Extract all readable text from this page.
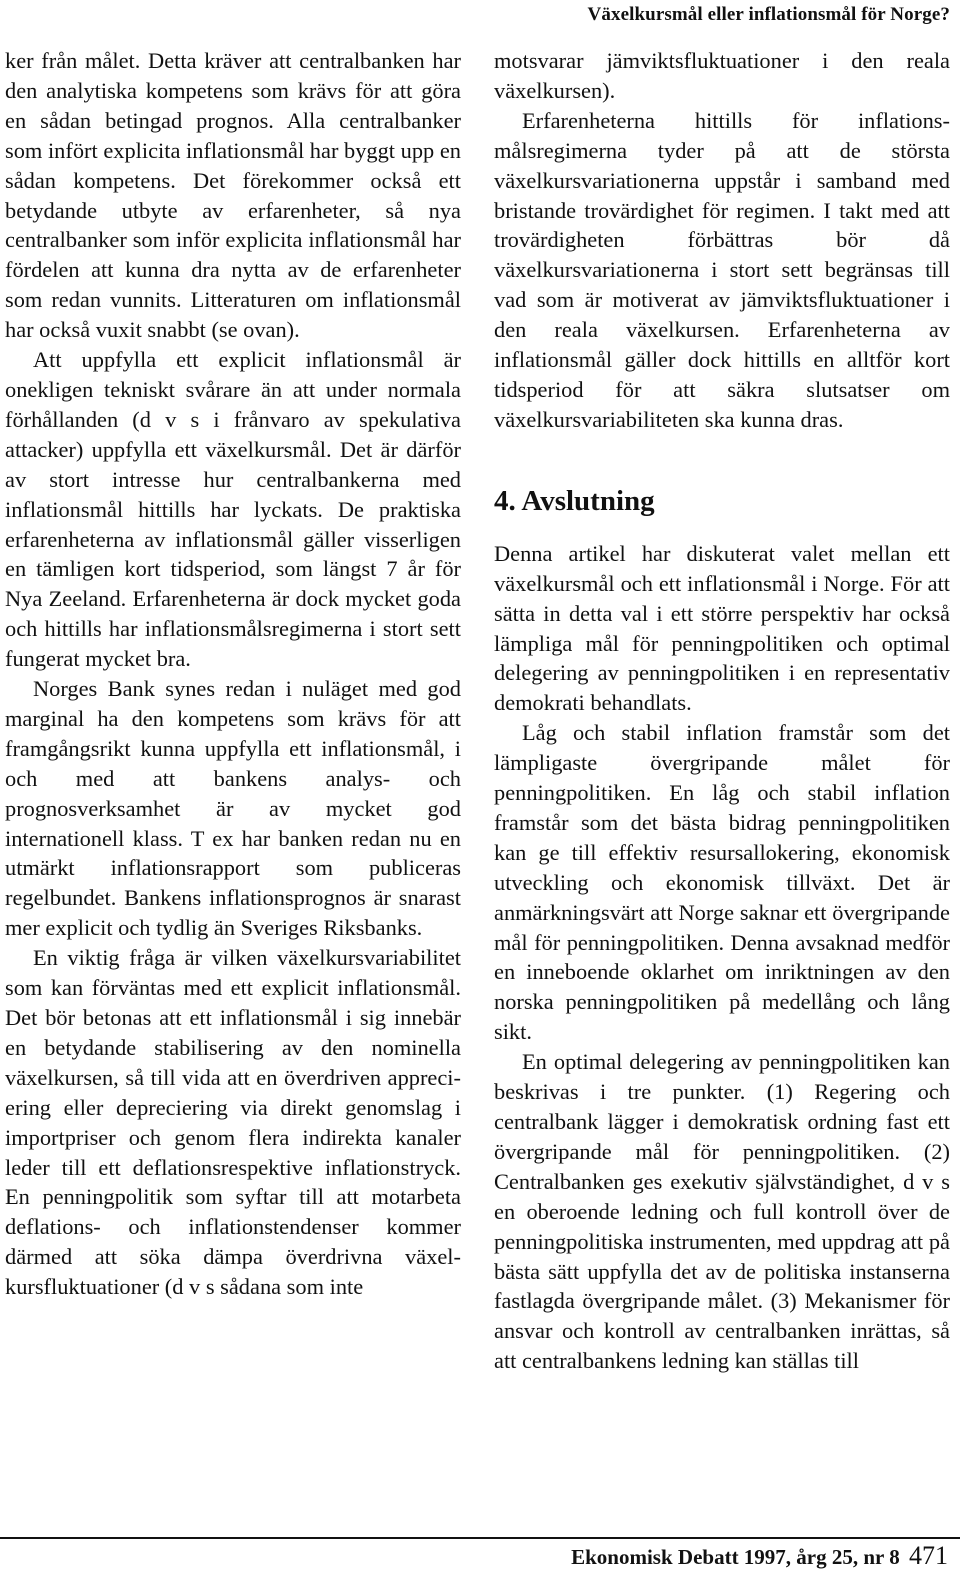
Växelkursmål eller inflationsmål för Norge?

ker från målet. Detta kräver att centralbanken har den analytiska kompetens som krävs för att göra en sådan betingad prognos. Alla centralbanker som infört explicita inflationsmål har byggt upp en sådan kompetens. Det förekommer också ett betydande utbyte av erfarenheter, så nya centralbanker som inför explicita inflationsmål har fördelen att kunna dra nytta av de erfarenheter som redan vunnits. Litteraturen om inflationsmål har också vuxit snabbt (se ovan).

Att uppfylla ett explicit inflationsmål är onekligen tekniskt svårare än att under normala förhållanden (d v s i frånvaro av spekulativa attacker) uppfylla ett växelkursmål. Det är därför av stort intresse hur centralbankerna med inflationsmål hittills har lyckats. De praktiska erfarenheterna av inflationsmål gäller visserligen en tämligen kort tidsperiod, som längst 7 år för Nya Zeeland. Erfarenheterna är dock mycket goda och hittills har inflationsmålsregimerna i stort sett fungerat mycket bra.

Norges Bank synes redan i nuläget med god marginal ha den kompetens som krävs för att framgångsrikt kunna uppfylla ett inflationsmål, i och med att bankens analys- och prognosverksamhet är av mycket god internationell klass. T ex har banken redan nu en utmärkt inflationsrapport som publiceras regelbundet. Bankens inflationsprognos är snarast mer explicit och tydlig än Sveriges Riksbanks.

En viktig fråga är vilken växelkursvariabilitet som kan förväntas med ett explicit inflationsmål. Det bör betonas att ett inflationsmål i sig innebär en betydande stabilisering av den nominella växelkursen, så till vida att en överdriven appreciering eller depreciering via direkt genomslag i importpriser och genom flera indirekta kanaler leder till ett deflationsrespektive inflationstryck. En penningpolitik som syftar till att motarbeta deflations- och inflationstendenser kommer därmed att söka dämpa överdrivna växelkursfluktuationer (d v s sådana som inte

motsvarar jämviktsfluktuationer i den reala växelkursen).

Erfarenheterna hittills för inflationsmålsregimerna tyder på att de största växelkursvariationerna uppstår i samband med bristande trovärdighet för regimen. I takt med att trovärdigheten förbättras bör då växelkursvariationerna i stort sett begränsas till vad som är motiverat av jämviktsfluktuationer i den reala växelkursen. Erfarenheterna av inflationsmål gäller dock hittills en alltför kort tidsperiod för att säkra slutsatser om växelkursvariabiliteten ska kunna dras.

4. Avslutning

Denna artikel har diskuterat valet mellan ett växelkursmål och ett inflationsmål i Norge. För att sätta in detta val i ett större perspektiv har också lämpliga mål för penningpolitiken och optimal delegering av penningpolitiken i en representativ demokrati behandlats.

Låg och stabil inflation framstår som det lämpligaste övergripande målet för penningpolitiken. En låg och stabil inflation framstår som det bästa bidrag penningpolitiken kan ge till effektiv resursallokering, ekonomisk utveckling och ekonomisk tillväxt. Det är anmärkningsvärt att Norge saknar ett övergripande mål för penningpolitiken. Denna avsaknad medför en inneboende oklarhet om inriktningen av den norska penningpolitiken på medellång och lång sikt.

En optimal delegering av penningpolitiken kan beskrivas i tre punkter. (1) Regering och centralbank lägger i demokratisk ordning fast ett övergripande mål för penningpolitiken. (2) Centralbanken ges exekutiv självständighet, d v s en oberoende ledning och full kontroll över de penningpolitiska instrumenten, med uppdrag att på bästa sätt uppfylla det av de politiska instanserna fastlagda övergripande målet. (3) Mekanismer för ansvar och kontroll av centralbanken inrättas, så att centralbankens ledning kan ställas till

Ekonomisk Debatt 1997, årg 25, nr 8 471
